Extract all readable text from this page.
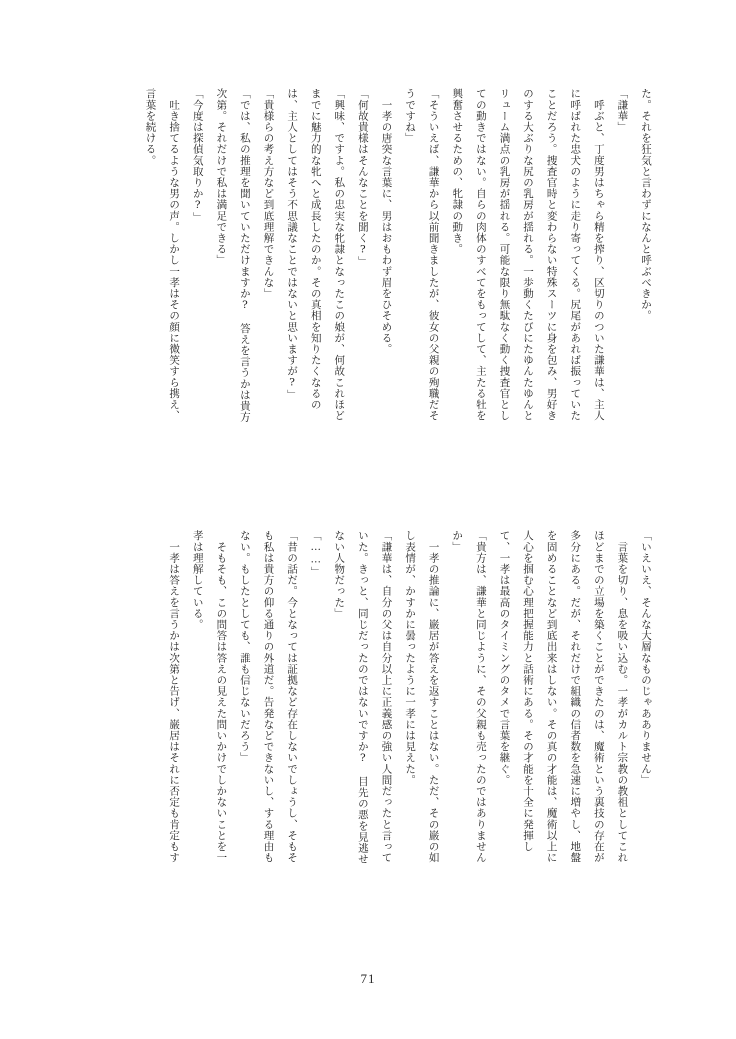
た。それを狂気と言わずになんと呼ぶべきか。
「謙華」
　呼ぶと、丁度男はちゃら精を搾り、区切りのついた謙華は、主人
に呼ばれた忠犬のように走り寄ってくる。尻尾があれば振っていた
ことだろう。捜査官時と変わらない特殊スーツに身を包み、男好き
のする大ぶりな尻の乳房が揺れる。一歩動くたびにたゆんたゆんと
リューム満点の乳房が揺れる。可能な限り無駄なく動く捜査官とし
ての動きではない。自らの肉体のすべてをもってして、主たる牡を
興奮させるための、牝隷の動き。
「そういえば、謙華から以前聞きましたが、彼女の父親の殉職だそ
うですね」
　一孝の唐突な言葉に、男はおもわず眉をひそめる。
「何故貴様はそんなことを聞く?」
「興味、ですよ。私の忠実な牝隷となったこの娘が、何故これほど
までに魅力的な牝へと成長したのか。その真相を知りたくなるの
は、主人としてはそう不思議なことではないと思いますが?」
「貴様らの考え方など到底理解できんな」
「では、私の推理を聞いていただけますか?　答えを言うかは貴方
次第。それだけで私は満足できる」
「今度は探偵気取りか?」
　吐き捨てるような男の声。しかし一孝はその顔に微笑すら携え、
言葉を続ける。
「いえいえ、そんな大層なものじゃあありません」
　言葉を切り、息を吸い込む。一孝がカルト宗教の教祖としてこれ
ほどまでの立場を築くことができたのは、魔術という裏技の存在が
多分にある。だが、それだけで組織の信者数を急速に増やし、地盤
を固めることなど到底出来はしない。その真の才能は、魔術以上に
人心を掴む心理把握能力と話術にある。その才能を十全に発揮し
て、一孝は最高のタイミングのタメで言葉を継ぐ。
「貴方は、謙華と同じように、その父親も売ったのではありません
か」
　一孝の推論に、巌居が答えを返すことはない。ただ、その巌の如
し表情が、かすかに曇ったように一孝には見えた。
「謙華は、自分の父は自分以上に正義感の強い人間だったと言って
いた。きっと、同じだったのではないですか?　目先の悪を見逃せ
ない人物だった」
「……」
「昔の話だ。今となっては証拠など存在しないでしょうし、そもそ
も私は貴方の仰る通りの外道だ。告発などできないし、する理由も
ない。もしたとしても、誰も信じないだろう」
　そもそも、この問答は答えの見えた問いかけでしかないことを一
孝は理解している。
　一孝は答えを言うかは次第と告げ、巌居はそれに否定も肯定もす
71
